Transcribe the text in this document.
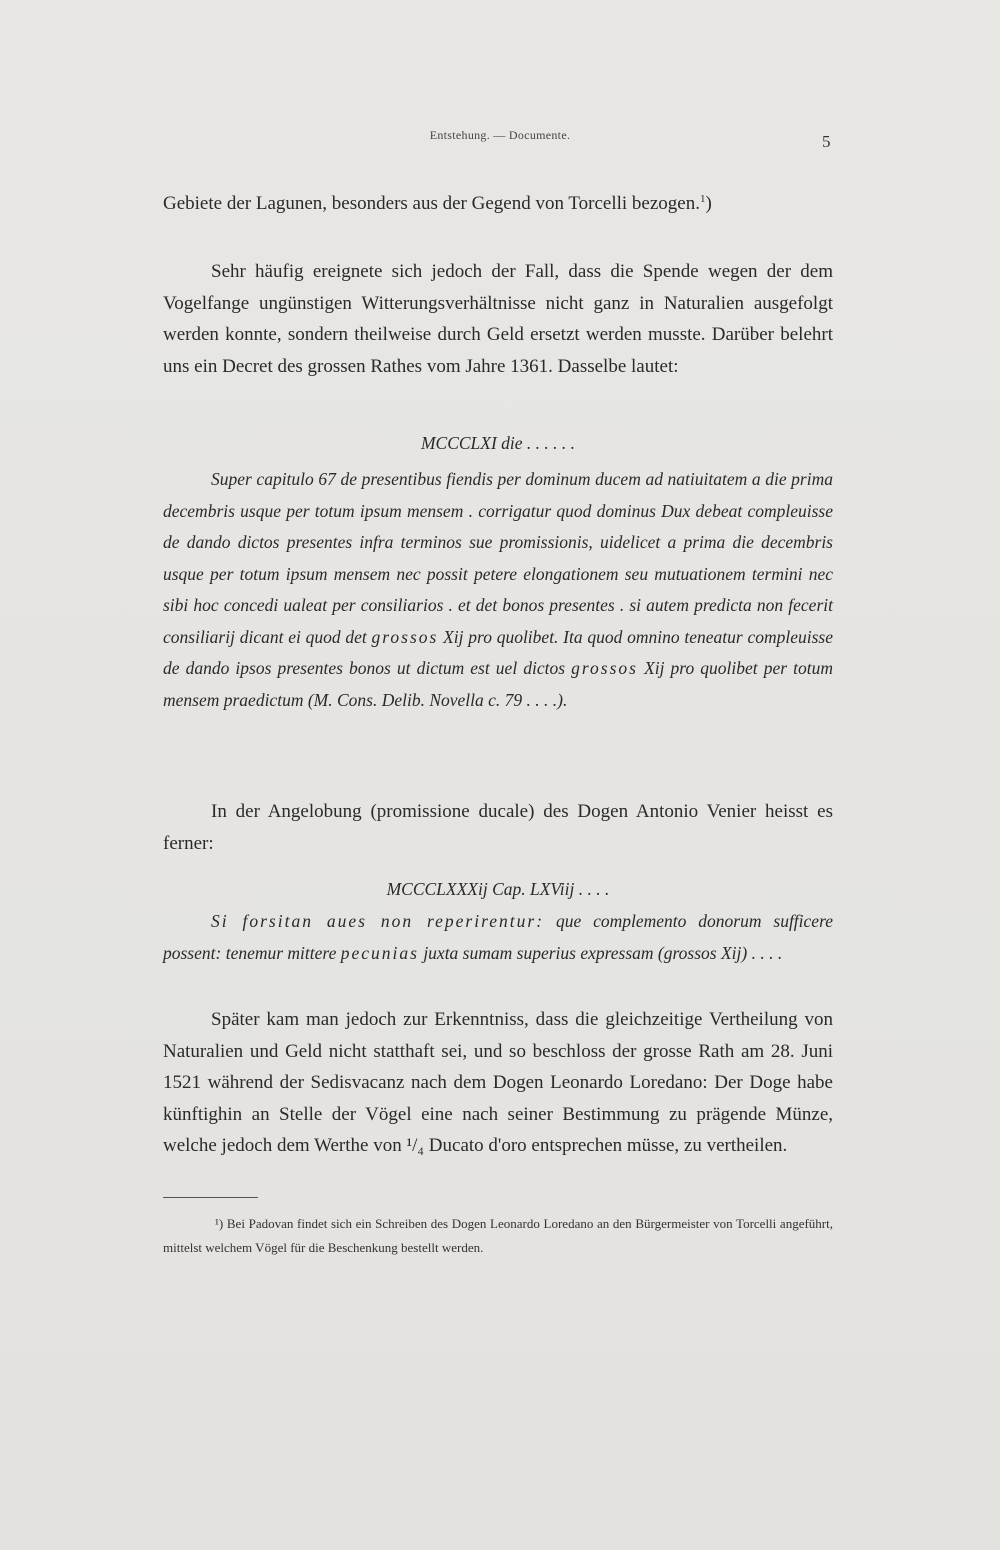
Entstehung. — Documente.	5

Gebiete der Lagunen, besonders aus der Gegend von Torcelli bezogen.$^1$)

Sehr häufig ereignete sich jedoch der Fall, dass die Spende wegen der dem Vogelfange ungünstigen Witterungsverhältnisse nicht ganz in Naturalien ausgefolgt werden konnte, sondern theilweise durch Geld ersetzt werden musste. Darüber belehrt uns ein Decret des grossen Rathes vom Jahre 1361. Dasselbe lautet:

MCCCLXI die . . . . . .

Super capitulo 67 de presentibus fiendis per dominum ducem ad natiuitatem a die prima decembris usque per totum ipsum mensem . corrigatur quod dominus Dux debeat compleuisse de dando dictos presentes infra terminos sue promissionis, uidelicet a prima die decembris usque per totum ipsum mensem nec possit petere elongationem seu mutuationem termini nec sibi hoc concedi ualeat per consiliarios . et det bonos presentes . si autem predicta non fecerit consiliarij dicant ei quod det grossos Xij pro quolibet. Ita quod omnino teneatur compleuisse de dando ipsos presentes bonos ut dictum est uel dictos grossos Xij pro quolibet per totum mensem praedictum (M. Cons. Delib. Novella c. 79 . . . .).

In der Angelobung (promissione ducale) des Dogen Antonio Venier heisst es ferner:

MCCCLXXXij Cap. LXViij . . . .

Si forsitan aues non reperirentur: que complemento donorum sufficere possent: tenemur mittere pecunias juxta sumam superius expressam (grossos Xij) . . . .

Später kam man jedoch zur Erkenntniss, dass die gleichzeitige Vertheilung von Naturalien und Geld nicht statthaft sei, und so beschloss der grosse Rath am 28. Juni 1521 während der Sedisvacanz nach dem Dogen Leonardo Loredano: Der Doge habe künftighin an Stelle der Vögel eine nach seiner Bestimmung zu prägende Münze, welche jedoch dem Werthe von ¹/₄ Ducato d'oro entsprechen müsse, zu vertheilen.

¹) Bei Padovan findet sich ein Schreiben des Dogen Leonardo Loredano an den Bürgermeister von Torcelli angeführt, mittelst welchem Vögel für die Beschenkung bestellt werden.
